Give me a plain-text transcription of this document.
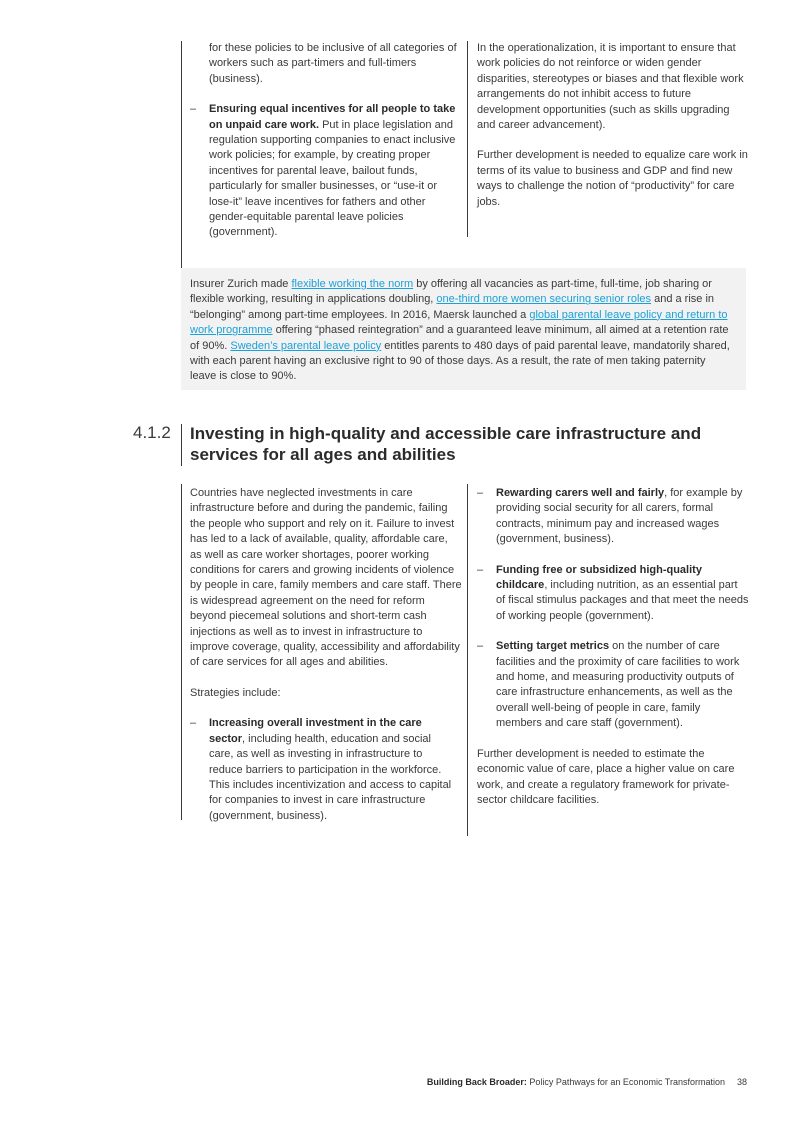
for these policies to be inclusive of all categories of workers such as part-timers and full-timers (business).

– Ensuring equal incentives for all people to take on unpaid care work. Put in place legislation and regulation supporting companies to enact inclusive work policies; for example, by creating proper incentives for parental leave, bailout funds, particularly for smaller businesses, or “use-it or lose-it” leave incentives for fathers and other gender-equitable parental leave policies (government).

In the operationalization, it is important to ensure that work policies do not reinforce or widen gender disparities, stereotypes or biases and that flexible work arrangements do not inhibit access to future development opportunities (such as skills upgrading and career advancement).

Further development is needed to equalize care work in terms of its value to business and GDP and find new ways to challenge the notion of “productivity” for care jobs.

Insurer Zurich made flexible working the norm by offering all vacancies as part-time, full-time, job sharing or flexible working, resulting in applications doubling, one-third more women securing senior roles and a rise in “belonging” among part-time employees. In 2016, Maersk launched a global parental leave policy and return to work programme offering “phased reintegration” and a guaranteed leave minimum, all aimed at a retention rate of 90%. Sweden’s parental leave policy entitles parents to 480 days of paid parental leave, mandatorily shared, with each parent having an exclusive right to 90 of those days. As a result, the rate of men taking paternity leave is close to 90%.

4.1.2 Investing in high-quality and accessible care infrastructure and services for all ages and abilities

Countries have neglected investments in care infrastructure before and during the pandemic, failing the people who support and rely on it. Failure to invest has led to a lack of available, quality, affordable care, as well as care worker shortages, poorer working conditions for carers and growing incidents of violence by people in care, family members and care staff. There is widespread agreement on the need for reform beyond piecemeal solutions and short-term cash injections as well as to invest in infrastructure to improve coverage, quality, accessibility and affordability of care services for all ages and abilities.

Strategies include:

– Increasing overall investment in the care sector, including health, education and social care, as well as investing in infrastructure to reduce barriers to participation in the workforce. This includes incentivization and access to capital for companies to invest in care infrastructure (government, business).
– Rewarding carers well and fairly, for example by providing social security for all carers, formal contracts, minimum pay and increased wages (government, business).
– Funding free or subsidized high-quality childcare, including nutrition, as an essential part of fiscal stimulus packages and that meet the needs of working people (government).
– Setting target metrics on the number of care facilities and the proximity of care facilities to work and home, and measuring productivity outputs of care infrastructure enhancements, as well as the overall well-being of people in care, family members and care staff (government).

Further development is needed to estimate the economic value of care, place a higher value on care work, and create a regulatory framework for private-sector childcare facilities.

Building Back Broader: Policy Pathways for an Economic Transformation 38
